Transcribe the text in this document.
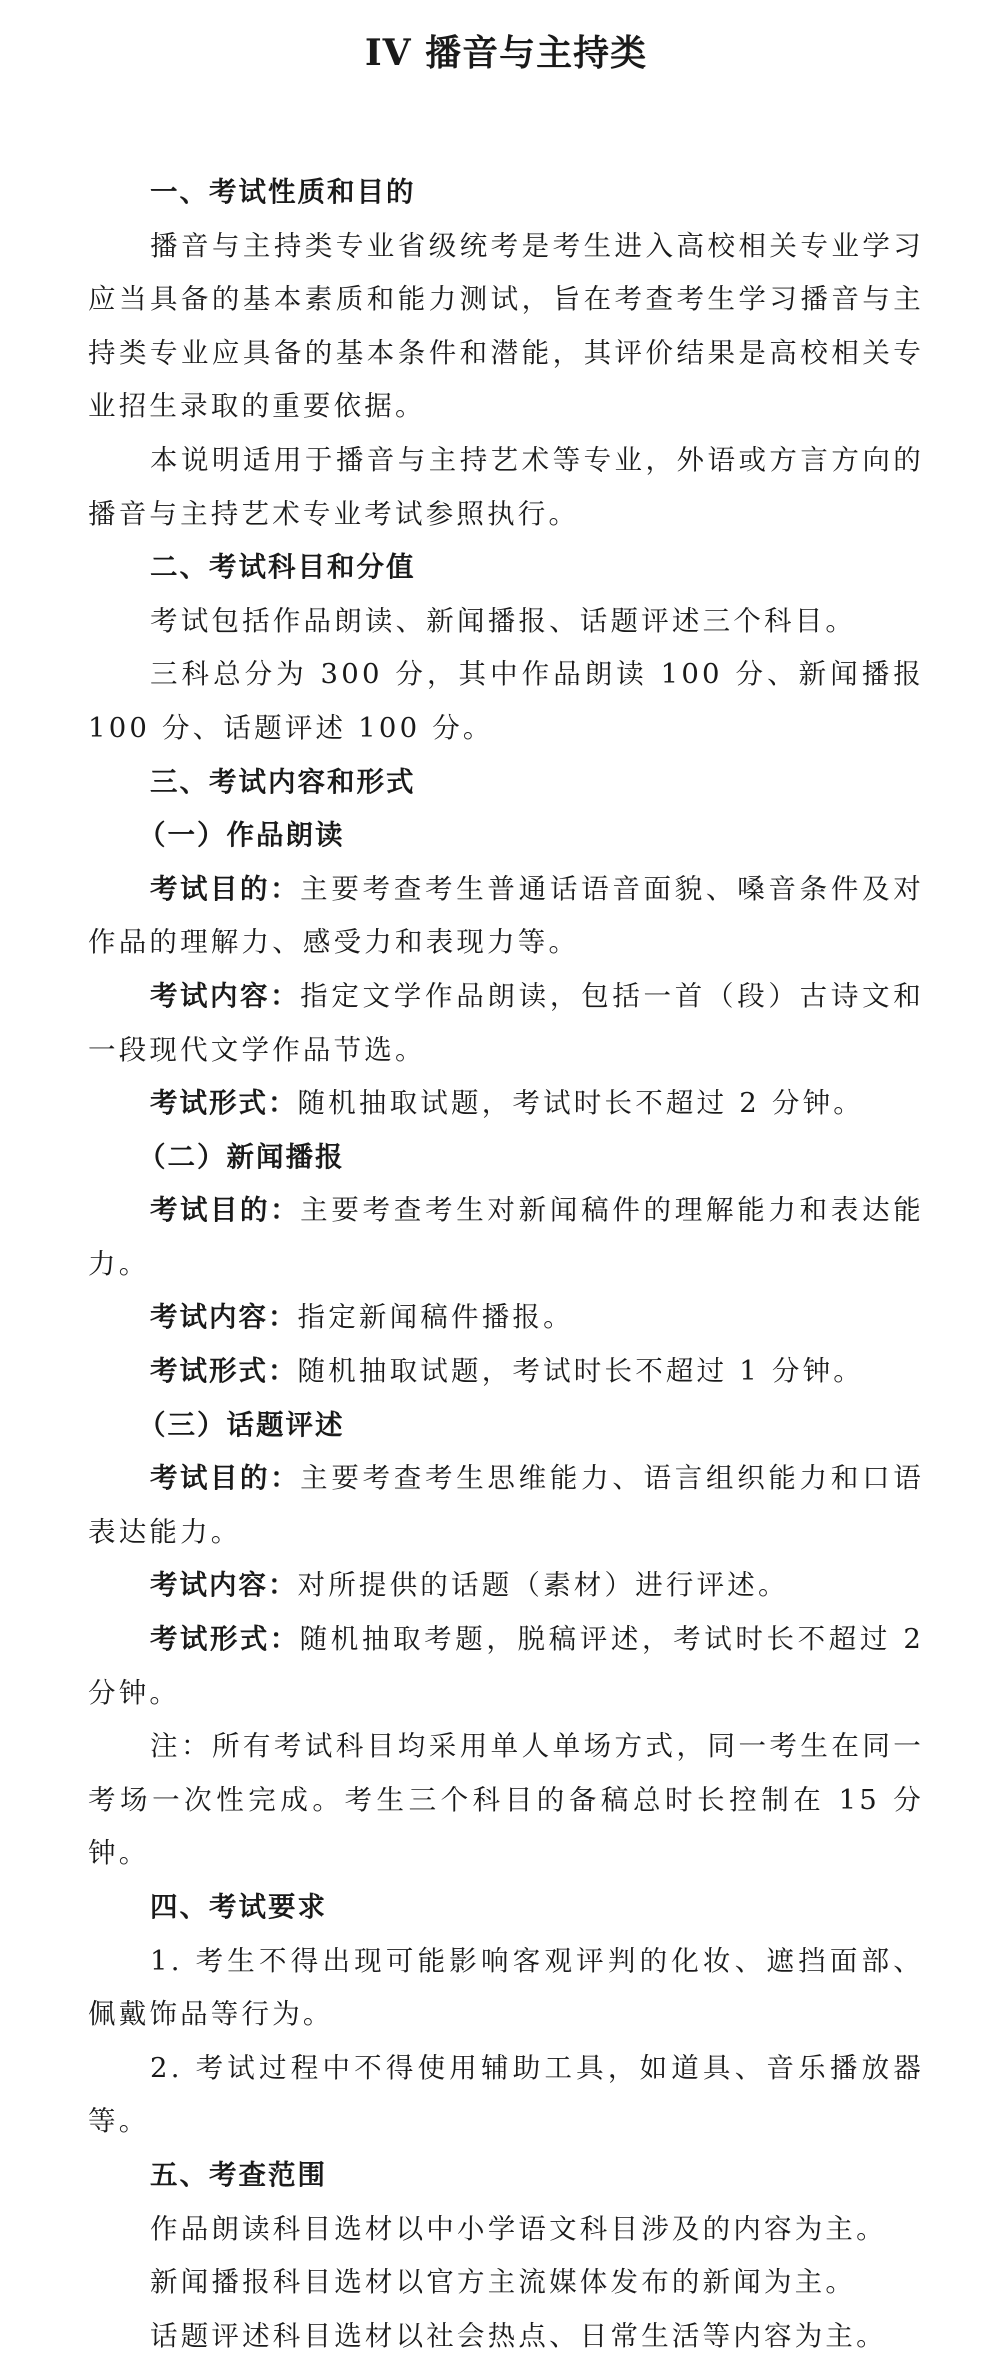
IV 播音与主持类

一、考试性质和目的

播音与主持类专业省级统考是考生进入高校相关专业学习应当具备的基本素质和能力测试，旨在考查考生学习播音与主持类专业应具备的基本条件和潜能，其评价结果是高校相关专业招生录取的重要依据。

本说明适用于播音与主持艺术等专业，外语或方言方向的播音与主持艺术专业考试参照执行。

二、考试科目和分值

考试包括作品朗读、新闻播报、话题评述三个科目。

三科总分为 300 分，其中作品朗读 100 分、新闻播报 100 分、话题评述 100 分。

三、考试内容和形式

（一）作品朗读

考试目的：主要考查考生普通话语音面貌、嗓音条件及对作品的理解力、感受力和表现力等。

考试内容：指定文学作品朗读，包括一首（段）古诗文和一段现代文学作品节选。

考试形式：随机抽取试题，考试时长不超过 2 分钟。

（二）新闻播报

考试目的：主要考查考生对新闻稿件的理解能力和表达能力。

考试内容：指定新闻稿件播报。

考试形式：随机抽取试题，考试时长不超过 1 分钟。

（三）话题评述

考试目的：主要考查考生思维能力、语言组织能力和口语表达能力。

考试内容：对所提供的话题（素材）进行评述。

考试形式：随机抽取考题，脱稿评述，考试时长不超过 2 分钟。

注：所有考试科目均采用单人单场方式，同一考生在同一考场一次性完成。考生三个科目的备稿总时长控制在 15 分钟。

四、考试要求

1. 考生不得出现可能影响客观评判的化妆、遮挡面部、佩戴饰品等行为。

2. 考试过程中不得使用辅助工具，如道具、音乐播放器等。

五、考查范围

作品朗读科目选材以中小学语文科目涉及的内容为主。

新闻播报科目选材以官方主流媒体发布的新闻为主。

话题评述科目选材以社会热点、日常生活等内容为主。
